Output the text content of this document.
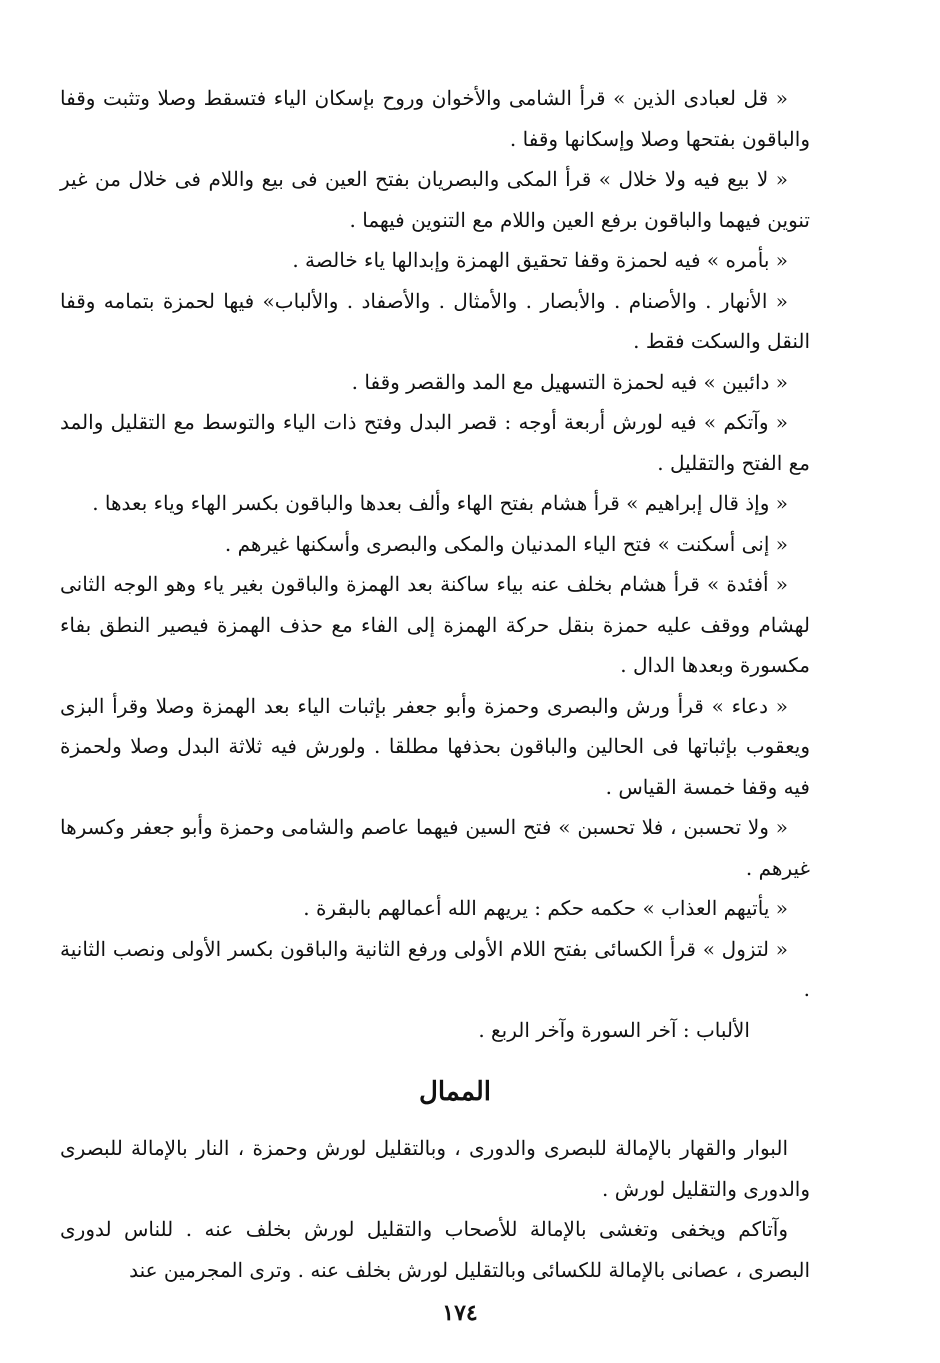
« قل لعبادى الذين » قرأ الشامى والأخوان وروح بإسكان الياء فتسقط وصلا وتثبت وقفا والباقون بفتحها وصلا وإسكانها وقفا .

« لا بيع فيه ولا خلال » قرأ المكى والبصريان بفتح العين فى بيع واللام فى خلال من غير تنوين فيهما والباقون برفع العين واللام مع التنوين فيهما .

« بأمره » فيه لحمزة وقفا تحقيق الهمزة وإبدالها ياء خالصة .

« الأنهار . والأصنام . والأبصار . والأمثال . والأصفاد . والألباب» فيها لحمزة بتمامه وقفا النقل والسكت فقط .

« دائبين » فيه لحمزة التسهيل مع المد والقصر وقفا .

« وآتكم » فيه لورش أربعة أوجه : قصر البدل وفتح ذات الياء والتوسط مع التقليل والمد مع الفتح والتقليل .

« وإذ قال إبراهيم » قرأ هشام بفتح الهاء وألف بعدها والباقون بكسر الهاء وياء بعدها .

« إنى أسكنت » فتح الياء المدنيان والمكى والبصرى وأسكنها غيرهم .

« أفئدة » قرأ هشام بخلف عنه بياء ساكنة بعد الهمزة والباقون بغير ياء وهو الوجه الثانى لهشام ووقف عليه حمزة بنقل حركة الهمزة إلى الفاء مع حذف الهمزة فيصير النطق بفاء مكسورة وبعدها الدال .

« دعاء » قرأ ورش والبصرى وحمزة وأبو جعفر بإثبات الياء بعد الهمزة وصلا وقرأ البزى ويعقوب بإثباتها فى الحالين والباقون بحذفها مطلقا . ولورش فيه ثلاثة البدل وصلا ولحمزة فيه وقفا خمسة القياس .

« ولا تحسبن ، فلا تحسبن » فتح السين فيهما عاصم والشامى وحمزة وأبو جعفر وكسرها غيرهم .

« يأتيهم العذاب » حكمه حكم : يريهم الله أعمالهم بالبقرة .

« لتزول » قرأ الكسائى بفتح اللام الأولى ورفع الثانية والباقون بكسر الأولى ونصب الثانية .

الألباب : آخر السورة وآخر الربع .

الممال

البوار والقهار بالإمالة للبصرى والدورى ، وبالتقليل لورش وحمزة ، النار بالإمالة للبصرى والدورى والتقليل لورش .

وآتاكم ويخفى وتغشى بالإمالة للأصحاب والتقليل لورش بخلف عنه . للناس لدورى البصرى ، عصانى بالإمالة للكسائى وبالتقليل لورش بخلف عنه . وترى المجرمين عند

١٧٤
